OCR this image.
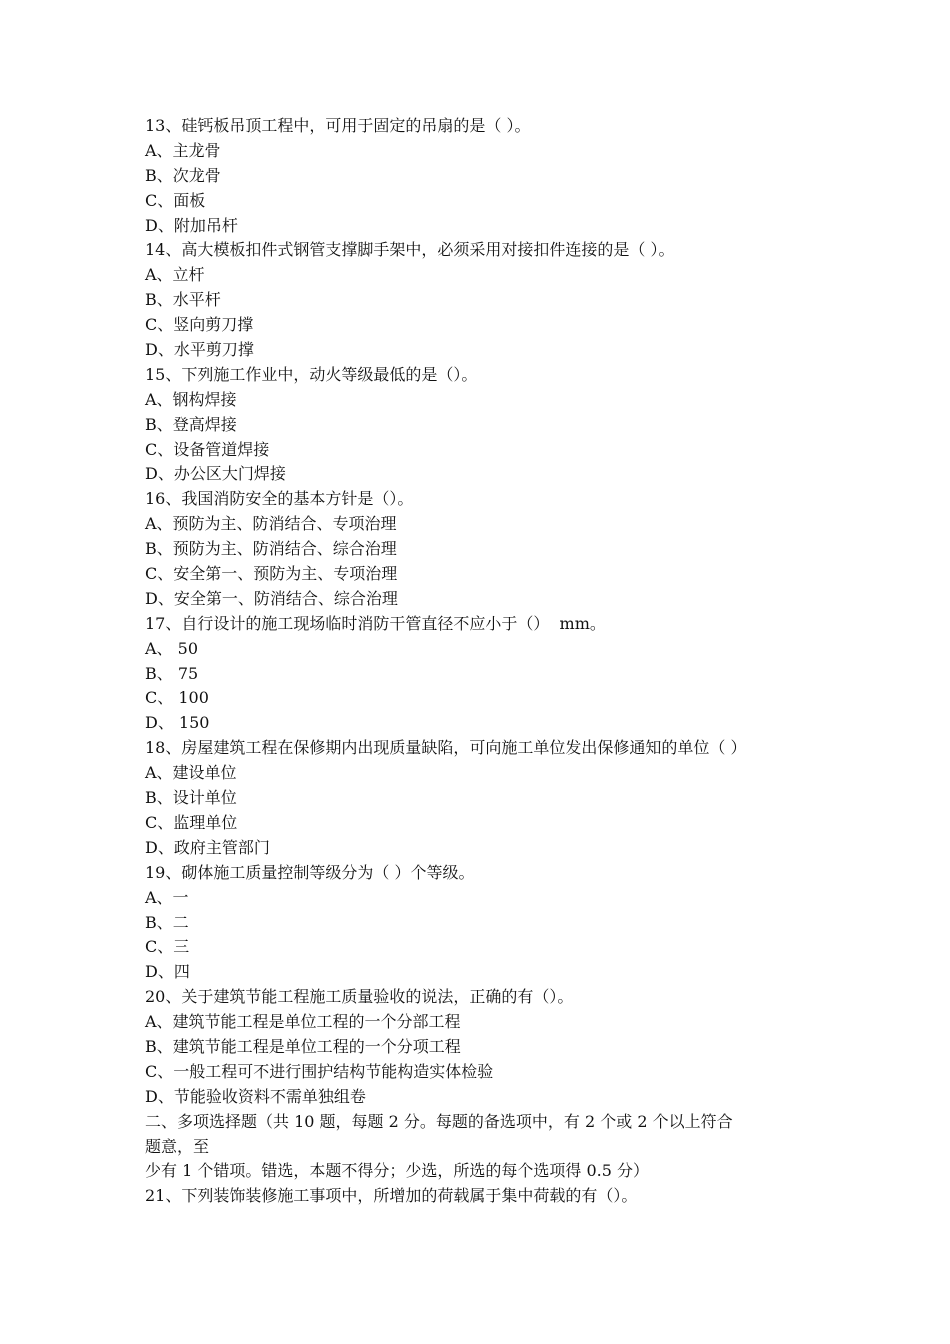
13、硅钙板吊顶工程中，可用于固定的吊扇的是（ ）。
A、主龙骨
B、次龙骨
C、面板
D、附加吊杆
14、高大模板扣件式钢管支撑脚手架中，必须采用对接扣件连接的是（ ）。
A、立杆
B、水平杆
C、竖向剪刀撑
D、水平剪刀撑
15、下列施工作业中，动火等级最低的是（）。
A、钢构焊接
B、登高焊接
C、设备管道焊接
D、办公区大门焊接
16、我国消防安全的基本方针是（）。
A、预防为主、防消结合、专项治理
B、预防为主、防消结合、综合治理
C、安全第一、预防为主、专项治理
D、安全第一、防消结合、综合治理
17、自行设计的施工现场临时消防干管直径不应小于（）  mm。
A、 50
B、 75
C、 100
D、 150
18、房屋建筑工程在保修期内出现质量缺陷，可向施工单位发出保修通知的单位（ ）
A、建设单位
B、设计单位
C、监理单位
D、政府主管部门
19、砌体施工质量控制等级分为（ ）个等级。
A、一
B、二
C、三
D、四
20、关于建筑节能工程施工质量验收的说法，正确的有（）。
A、建筑节能工程是单位工程的一个分部工程
B、建筑节能工程是单位工程的一个分项工程
C、一般工程可不进行围护结构节能构造实体检验
D、节能验收资料不需单独组卷
二、多项选择题（共 10 题，每题 2 分。每题的备选项中，有 2 个或 2 个以上符合
题意，至
少有 1 个错项。错选，本题不得分；少选，所选的每个选项得 0.5 分）
21、下列装饰装修施工事项中，所增加的荷载属于集中荷载的有（）。
